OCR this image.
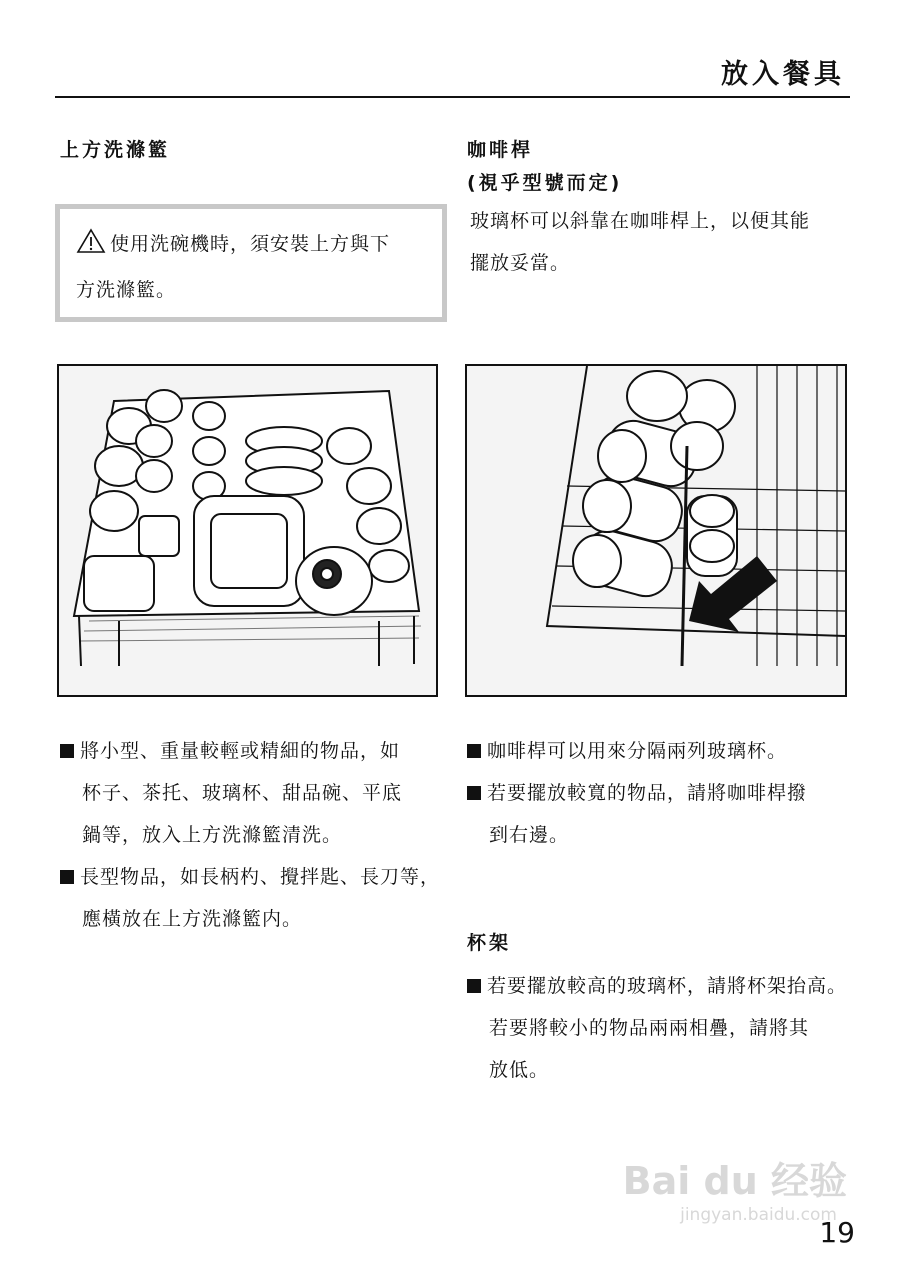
放入餐具
上方洗滌籃
使用洗碗機時，須安裝上方與下
方洗滌籃。
將小型、重量較輕或精細的物品，如
杯子、茶托、玻璃杯、甜品碗、平底
鍋等，放入上方洗滌籃清洗。
長型物品，如長柄杓、攪拌匙、長刀等，
應橫放在上方洗滌籃内。
咖啡桿
(視乎型號而定)
玻璃杯可以斜靠在咖啡桿上，以便其能
擺放妥當。
咖啡桿可以用來分隔兩列玻璃杯。
若要擺放較寬的物品，請將咖啡桿撥
到右邊。
杯架
若要擺放較高的玻璃杯，請將杯架抬高。
若要將較小的物品兩兩相疊，請將其
放低。
Bai du 经验
jingyan.baidu.com
19
